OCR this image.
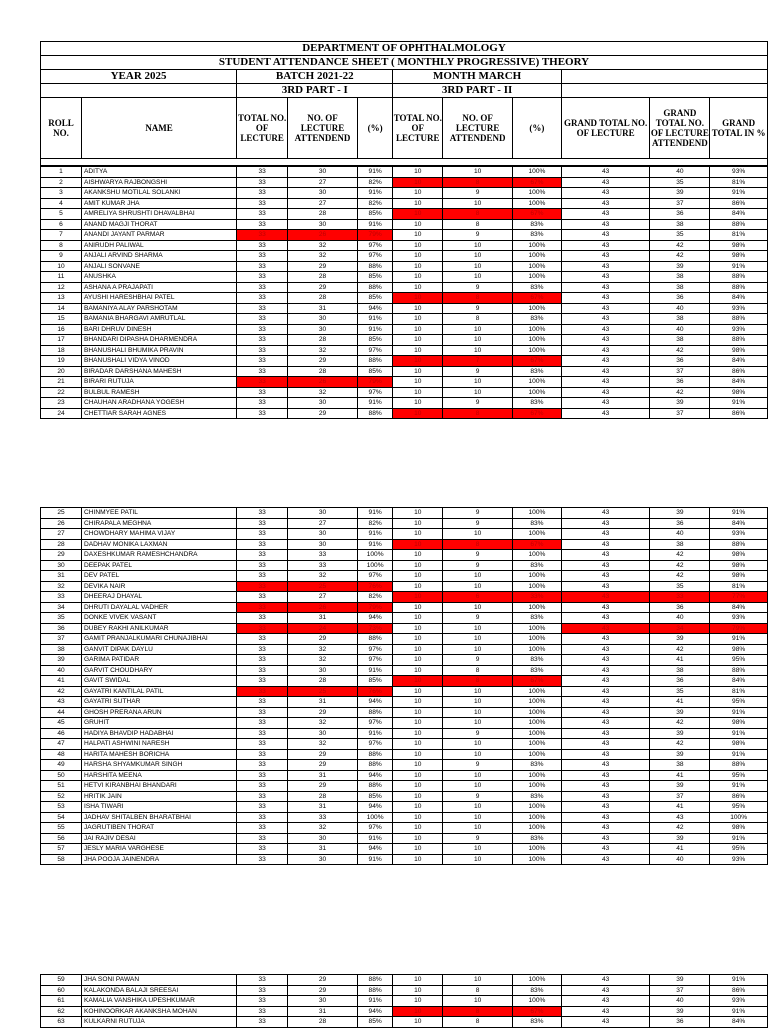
DEPARTMENT OF OPHTHALMOLOGY										
STUDENT ATTENDANCE SHEET ( MONTHLY PROGRESSIVE) THEORY										
YEAR 2025		BATCH 2021-22			MONTH MARCH					
		3RD PART - I			3RD PART - II					
ROLL NO.	NAME	TOTAL NO. OF LECTURE	NO. OF LECTURE ATTENDEND	(%)	TOTAL NO. OF LECTURE	NO. OF LECTURE ATTENDEND	(%)	GRAND TOTAL NO. OF LECTURE	GRAND TOTAL NO. OF LECTURE ATTENDEND	GRAND TOTAL IN %

1	ADITYA	33	30	91%	10	10	100%	43	40	93%
2	AISHWARYA RAJBONGSHI	33	27	82%	10	8	67%	43	35	81%
3	AKANKSHU MOTILAL SOLANKI	33	30	91%	10	9	100%	43	39	91%
4	AMIT KUMAR JHA	33	27	82%	10	10	100%	43	37	86%
5	AMRELIYA SHRUSHTI DHAVALBHAI	33	28	85%	10	8	67%	43	36	84%
6	ANAND MAGJI THORAT	33	30	91%	10	8	83%	43	38	88%
7	ANANDI JAYANT PARMAR	33	26	79%	10	9	83%	43	35	81%
8	ANIRUDH PALIWAL	33	32	97%	10	10	100%	43	42	98%
9	ANJALI ARVIND SHARMA	33	32	97%	10	10	100%	43	42	98%
10	ANJALI SONVANE	33	29	88%	10	10	100%	43	39	91%
11	ANUSHKA	33	28	85%	10	10	100%	43	38	88%
12	ASHANA A PRAJAPATI	33	29	88%	10	9	83%	43	38	88%
13	AYUSHI HARESHBHAI PATEL	33	28	85%	10	8	67%	43	36	84%
14	BAMANIYA ALAY PARSHOTAM	33	31	94%	10	9	100%	43	40	93%
15	BAMANIA BHARGAVI AMRUTLAL	33	30	91%	10	8	83%	43	38	88%
16	BARI DHRUV DINESH	33	30	91%	10	10	100%	43	40	93%
17	BHANDARI DIPASHA DHARMENDRA	33	28	85%	10	10	100%	43	38	88%
18	BHANUSHALI BHUMIKA PRAVIN	33	32	97%	10	10	100%	43	42	98%
19	BHANUSHALI VIDYA VINOD	33	29	88%	10	7	67%	43	36	84%
20	BIRADAR DARSHANA MAHESH	33	28	85%	10	9	83%	43	37	86%
21	BIRARI RUTUJA	33	26	79%	10	10	100%	43	36	84%
22	BULBUL RAMESH	33	32	97%	10	10	100%	43	42	98%
23	CHAUHAN ARADHANA YOGESH	33	30	91%	10	9	83%	43	39	91%
24	CHETTIAR SARAH AGNES	33	29	88%	10	8	67%	43	37	86%
25	CHINMYEE PATIL	33	30	91%	10	9	100%	43	39	91%
26	CHIRAPALA MEGHNA	33	27	82%	10	9	83%	43	36	84%
27	CHOWDHARY MAHIMA VIJAY	33	30	91%	10	10	100%	43	40	93%
28	DADHAV MONIKA LAXMAN	33	30	91%	10	8	67%	43	38	88%
29	DAXESHKUMAR RAMESHCHANDRA	33	33	100%	10	9	100%	43	42	98%
30	DEEPAK PATEL	33	33	100%	10	9	83%	43	42	98%
31	DEV PATEL	33	32	97%	10	10	100%	43	42	98%
32	DEVIKA NAIR	33	25	76%	10	10	100%	43	35	81%
33	DHEERAJ DHAYAL	33	27	82%	10	6	33%	43	33	77%
34	DHRUTI DAYALAL VADHER	33	26	79%	10	10	100%	43	36	84%
35	DONKE VIVEK VASANT	33	31	94%	10	9	83%	43	40	93%
36	DUBEY RAKHI ANILKUMAR	33	24	73%	10	10	100%	43	34	79%
37	GAMIT PRANJALKUMARI CHUNAJIBHAI	33	29	88%	10	10	100%	43	39	91%
38	GANVIT DIPAK DAYLU	33	32	97%	10	10	100%	43	42	98%
39	GARIMA PATIDAR	33	32	97%	10	9	83%	43	41	95%
40	GARVIT CHOUDHARY	33	30	91%	10	8	83%	43	38	88%
41	GAVIT SWIDAL	33	28	85%	10	8	67%	43	36	84%
42	GAYATRI KANTILAL PATIL	33	25	76%	10	10	100%	43	35	81%
43	GAYATRI SUTHAR	33	31	94%	10	10	100%	43	41	95%
44	GHOSH PRERANA ARUN	33	29	88%	10	10	100%	43	39	91%
45	GRUHIT	33	32	97%	10	10	100%	43	42	98%
46	HADIYA BHAVDIP HADABHAI	33	30	91%	10	9	100%	43	39	91%
47	HALPATI ASHWINI NARESH	33	32	97%	10	10	100%	43	42	98%
48	HARITA MAHESH BORICHA	33	29	88%	10	10	100%	43	39	91%
49	HARSHA SHYAMKUMAR SINGH	33	29	88%	10	9	83%	43	38	88%
50	HARSHITA MEENA	33	31	94%	10	10	100%	43	41	95%
51	HETVI KIRANBHAI BHANDARI	33	29	88%	10	10	100%	43	39	91%
52	HRITIK JAIN	33	28	85%	10	9	83%	43	37	86%
53	ISHA TIWARI	33	31	94%	10	10	100%	43	41	95%
54	JADHAV SHITALBEN BHARATBHAI	33	33	100%	10	10	100%	43	43	100%
55	JAGRUTIBEN THORAT	33	32	97%	10	10	100%	43	42	98%
56	JAI RAJIV DESAI	33	30	91%	10	9	83%	43	39	91%
57	JESLY MARIA VARGHESE	33	31	94%	10	10	100%	43	41	95%
58	JHA POOJA JAINENDRA	33	30	91%	10	10	100%	43	40	93%
59	JHA SONI PAWAN	33	29	88%	10	10	100%	43	39	91%
60	KALAKONDA BALAJI SREESAI	33	29	88%	10	8	83%	43	37	86%
61	KAMALIA VANSHIKA UPESHKUMAR	33	30	91%	10	10	100%	43	40	93%
62	KOHINOORKAR AKANKSHA MOHAN	33	31	94%	10	8	67%	43	39	91%
63	KULKARNI RUTUJA	33	28	85%	10	8	83%	43	36	84%
